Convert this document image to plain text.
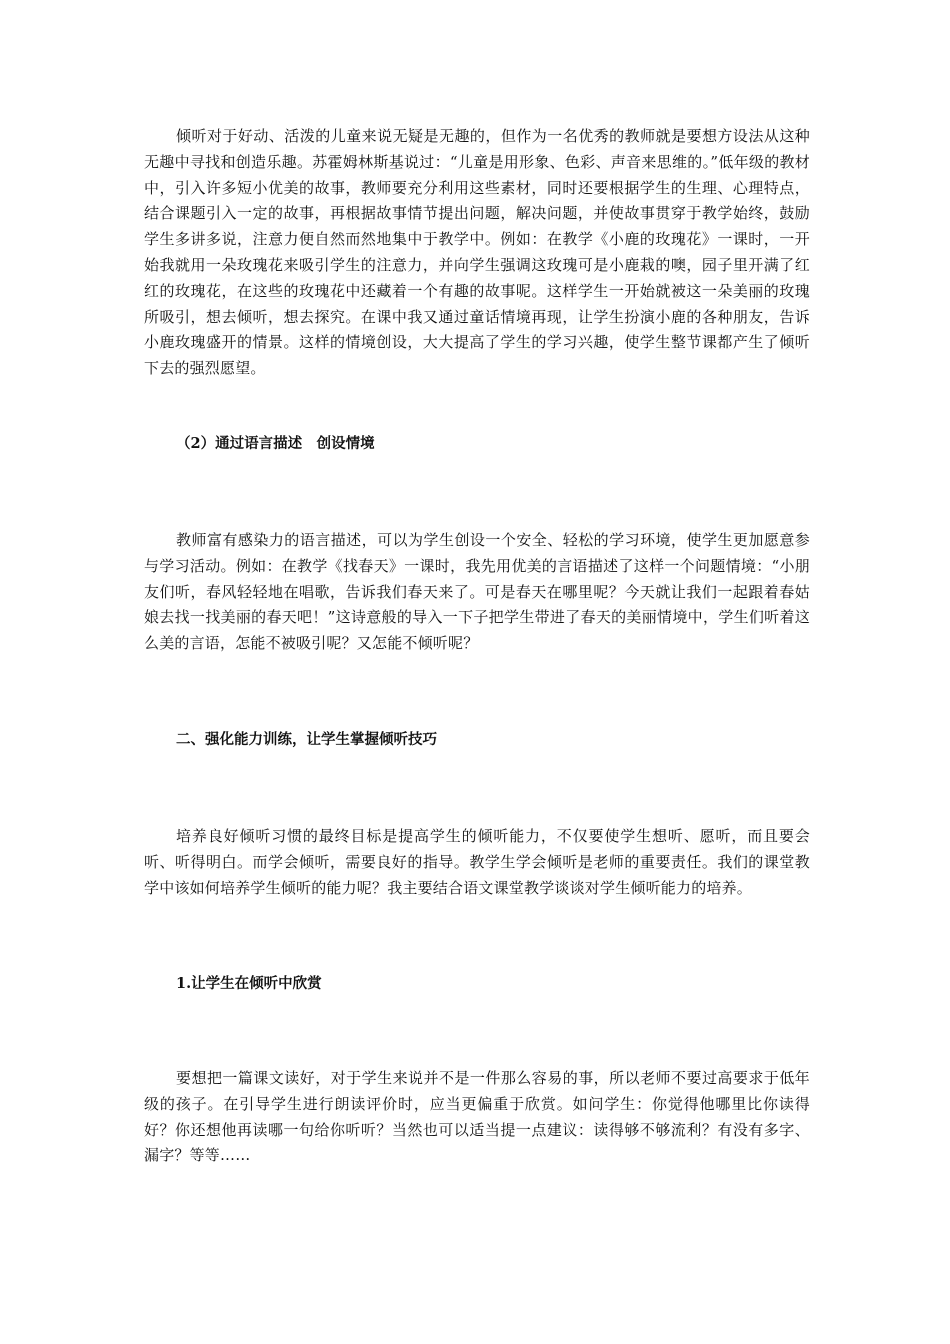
倾听对于好动、活泼的儿童来说无疑是无趣的，但作为一名优秀的教师就是要想方设法从这种无趣中寻找和创造乐趣。苏霍姆林斯基说过：“儿童是用形象、色彩、声音来思维的。”低年级的教材中，引入许多短小优美的故事，教师要充分利用这些素材，同时还要根据学生的生理、心理特点，结合课题引入一定的故事，再根据故事情节提出问题，解决问题，并使故事贯穿于教学始终，鼓励学生多讲多说，注意力便自然而然地集中于教学中。例如：在教学《小鹿的玫瑰花》一课时，一开始我就用一朵玫瑰花来吸引学生的注意力，并向学生强调这玫瑰可是小鹿栽的噢，园子里开满了红红的玫瑰花，在这些的玫瑰花中还藏着一个有趣的故事呢。这样学生一开始就被这一朵美丽的玫瑰所吸引，想去倾听，想去探究。在课中我又通过童话情境再现，让学生扮演小鹿的各种朋友，告诉小鹿玫瑰盛开的情景。这样的情境创设，大大提高了学生的学习兴趣，使学生整节课都产生了倾听下去的强烈愿望。

（2）通过语言描述　创设情境

教师富有感染力的语言描述，可以为学生创设一个安全、轻松的学习环境，使学生更加愿意参与学习活动。例如：在教学《找春天》一课时，我先用优美的言语描述了这样一个问题情境：“小朋友们听，春风轻轻地在唱歌，告诉我们春天来了。可是春天在哪里呢？今天就让我们一起跟着春姑娘去找一找美丽的春天吧！”这诗意般的导入一下子把学生带进了春天的美丽情境中，学生们听着这么美的言语，怎能不被吸引呢？又怎能不倾听呢？

二、强化能力训练，让学生掌握倾听技巧

培养良好倾听习惯的最终目标是提高学生的倾听能力，不仅要使学生想听、愿听，而且要会听、听得明白。而学会倾听，需要良好的指导。教学生学会倾听是老师的重要责任。我们的课堂教学中该如何培养学生倾听的能力呢？我主要结合语文课堂教学谈谈对学生倾听能力的培养。

1.让学生在倾听中欣赏

要想把一篇课文读好，对于学生来说并不是一件那么容易的事，所以老师不要过高要求于低年级的孩子。在引导学生进行朗读评价时，应当更偏重于欣赏。如问学生：你觉得他哪里比你读得好？你还想他再读哪一句给你听听？当然也可以适当提一点建议：读得够不够流利？有没有多字、漏字？等等……
